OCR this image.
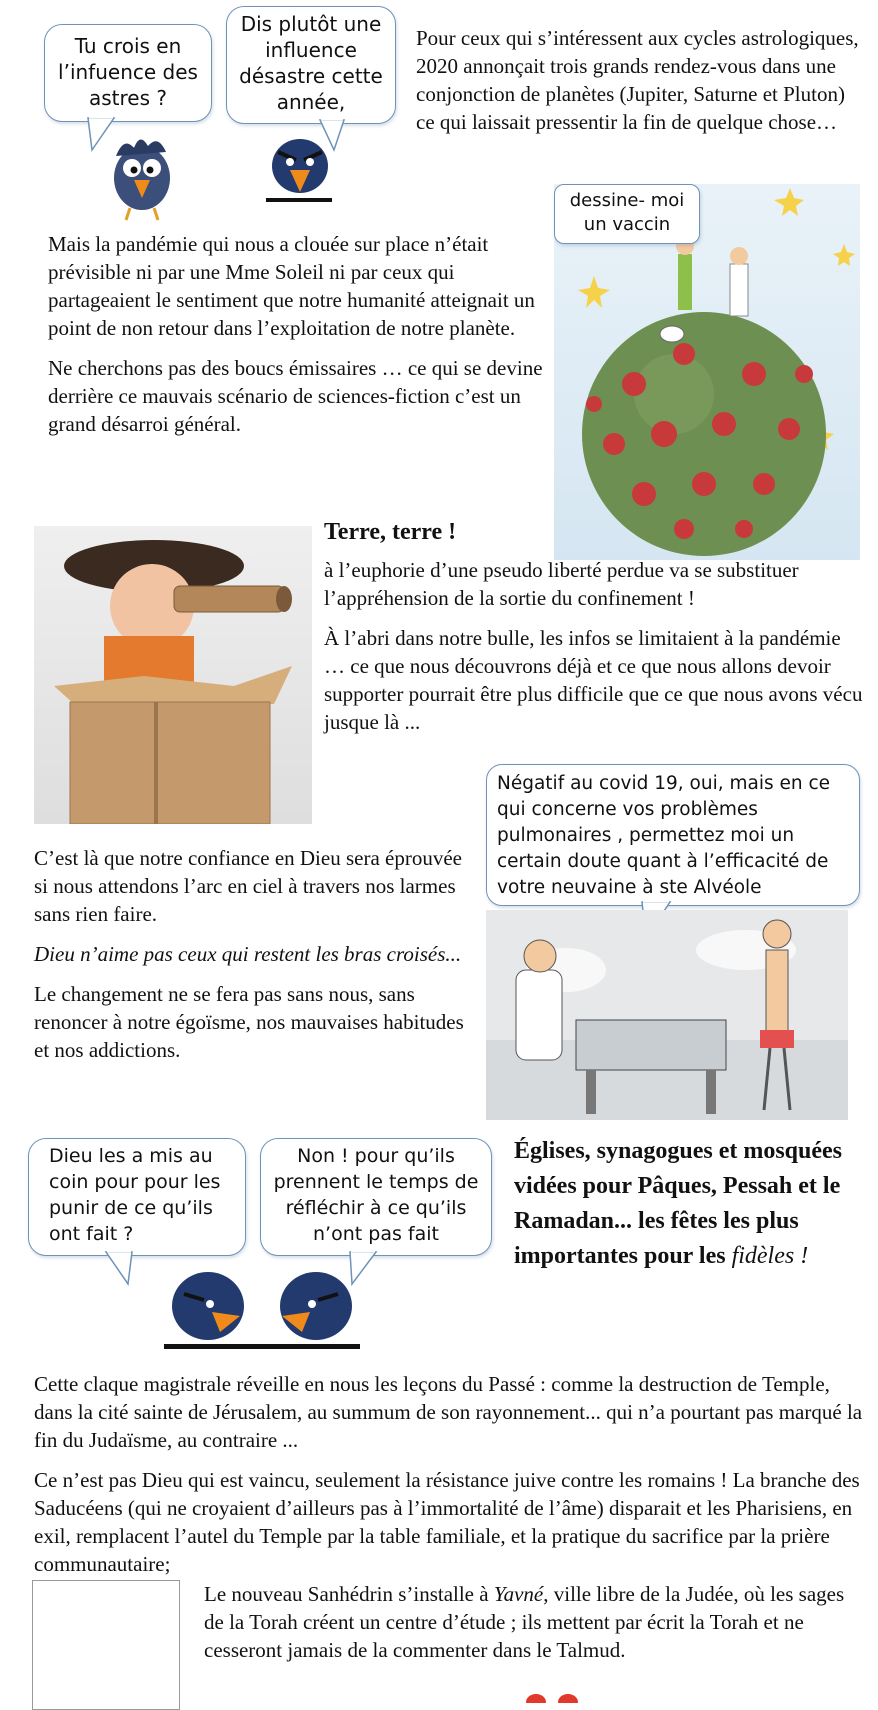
Tu crois en l’infuence des astres ?
Dis plutôt une influence désastre cette année,

Pour ceux qui s’intéressent aux cycles astrologiques, 2020 annonçait trois grands rendez-vous dans une conjonction de planètes (Jupiter, Saturne et Pluton) ce qui laissait pressentir la fin de quelque chose…

Mais la pandémie qui nous a clouée sur place n’était prévisible ni par une Mme Soleil ni par ceux qui partageaient le sentiment que notre humanité atteignait un point de non retour dans l’exploitation de notre planète.

Ne cherchons pas des boucs émissaires … ce qui se devine derrière ce mauvais scénario de sciences-fiction c’est un grand désarroi général.

dessine- moi un vaccin
Terre, terre !

à l’euphorie d’une pseudo liberté perdue va se substituer l’appréhension de la sortie du confinement !

À l’abri dans notre bulle, les infos se limitaient à la pandémie … ce que nous découvrons déjà et ce que nous allons devoir supporter pourrait être plus difficile que ce que nous avons vécu jusque là ...

Négatif au covid 19, oui, mais en ce qui concerne vos problèmes pulmonaires , permettez moi un certain doute quant à l’efficacité de votre neuvaine à ste Alvéole

C’est là que notre confiance en Dieu sera éprouvée si nous attendons l’arc en ciel à travers nos larmes sans rien faire.

Dieu n’aime pas ceux qui restent les bras croisés...

Le changement ne se fera pas sans nous, sans renoncer à notre égoïsme, nos mauvaises habitudes et nos addictions.

Dieu les a mis au coin pour pour les punir de ce qu’ils ont fait ?
Non ! pour qu’ils prennent le temps de réfléchir à ce qu’ils n’ont pas fait
Églises, synagogues et mosquées vidées pour Pâques, Pessah et le Ramadan... les fêtes les plus importantes pour les fidèles !

Cette claque magistrale réveille en nous les leçons du Passé : comme la destruction de Temple, dans la cité sainte de Jérusalem, au summum de son rayonnement... qui n’a pourtant pas marqué la fin du Judaïsme, au contraire ...

Ce n’est pas Dieu qui est vaincu, seulement la résistance juive contre les romains ! La branche des Saducéens (qui ne croyaient d’ailleurs pas à l’immortalité de l’âme) disparait et les Pharisiens, en exil, remplacent l’autel du Temple par la table familiale, et la pratique du sacrifice par la prière communautaire;

Le nouveau Sanhédrin s’installe à Yavné, ville libre de la Judée, où les sages de la Torah créent un centre d’étude ; ils mettent par écrit la Torah et ne cesseront jamais de la commenter dans le Talmud.
